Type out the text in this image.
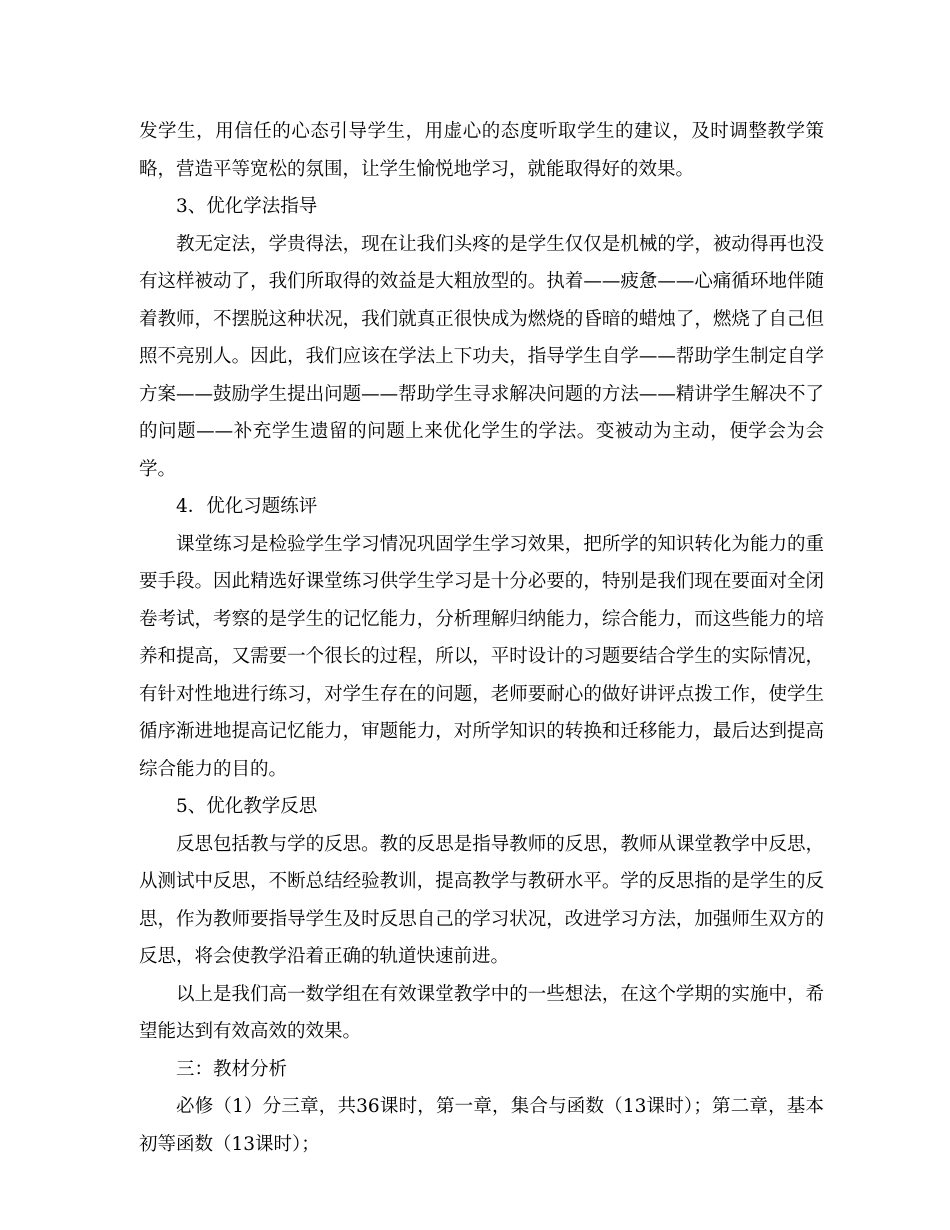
发学生，用信任的心态引导学生，用虚心的态度听取学生的建议，及时调整教学策略，营造平等宽松的氛围，让学生愉悦地学习，就能取得好的效果。

3、优化学法指导

教无定法，学贵得法，现在让我们头疼的是学生仅仅是机械的学，被动得再也没有这样被动了，我们所取得的效益是大粗放型的。执着——疲惫——心痛循环地伴随着教师，不摆脱这种状况，我们就真正很快成为燃烧的昏暗的蜡烛了，燃烧了自己但照不亮别人。因此，我们应该在学法上下功夫，指导学生自学——帮助学生制定自学方案——鼓励学生提出问题——帮助学生寻求解决问题的方法——精讲学生解决不了的问题——补充学生遗留的问题上来优化学生的学法。变被动为主动，便学会为会学。

4．优化习题练评

课堂练习是检验学生学习情况巩固学生学习效果，把所学的知识转化为能力的重要手段。因此精选好课堂练习供学生学习是十分必要的，特别是我们现在要面对全闭卷考试，考察的是学生的记忆能力，分析理解归纳能力，综合能力，而这些能力的培养和提高，又需要一个很长的过程，所以，平时设计的习题要结合学生的实际情况，有针对性地进行练习，对学生存在的问题，老师要耐心的做好讲评点拨工作，使学生循序渐进地提高记忆能力，审题能力，对所学知识的转换和迁移能力，最后达到提高综合能力的目的。

5、优化教学反思

反思包括教与学的反思。教的反思是指导教师的反思，教师从课堂教学中反思，从测试中反思，不断总结经验教训，提高教学与教研水平。学的反思指的是学生的反思，作为教师要指导学生及时反思自己的学习状况，改进学习方法，加强师生双方的反思，将会使教学沿着正确的轨道快速前进。

以上是我们高一数学组在有效课堂教学中的一些想法，在这个学期的实施中，希望能达到有效高效的效果。

三：教材分析

必修（1）分三章，共36课时，第一章，集合与函数（13课时）；第二章，基本初等函数（13课时）；
